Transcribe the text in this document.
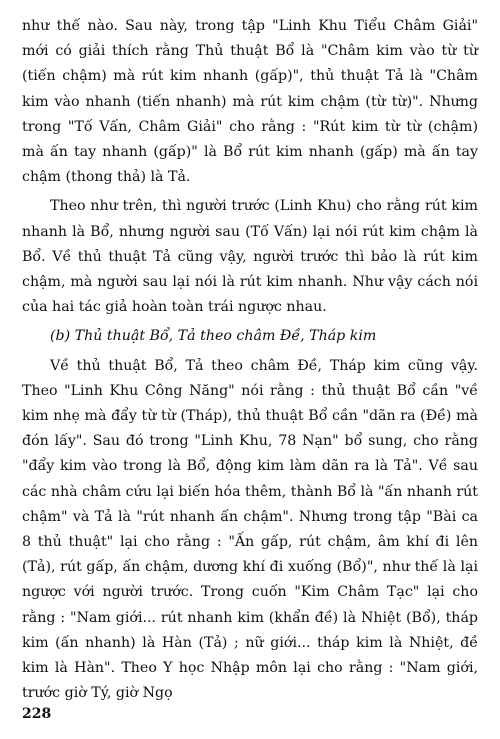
như thế nào. Sau này, trong tập "Linh Khu Tiểu Châm Giải" mới có giải thích rằng Thủ thuật Bổ là "Châm kim vào từ từ (tiến chậm) mà rút kim nhanh (gấp)", thủ thuật Tả là "Châm kim vào nhanh (tiến nhanh) mà rút kim chậm (từ từ)". Nhưng trong "Tố Vấn, Châm Giải" cho rằng : "Rút kim từ từ (chậm) mà ấn tay nhanh (gấp)" là Bổ rút kim nhanh (gấp) mà ấn tay chậm (thong thả) là Tả.

Theo như trên, thì người trước (Linh Khu) cho rằng rút kim nhanh là Bổ, nhưng người sau (Tố Vấn) lại nói rút kim chậm là Bổ. Về thủ thuật Tả cũng vậy, người trước thì bảo là rút kim chậm, mà người sau lại nói là rút kim nhanh. Như vậy cách nói của hai tác giả hoàn toàn trái ngược nhau.

(b) Thủ thuật Bổ, Tả theo châm Đề, Tháp kim

Về thủ thuật Bổ, Tả theo châm Đề, Tháp kim cũng vậy. Theo "Linh Khu Công Năng" nói rằng : thủ thuật Bổ cần "về kim nhẹ mà đẩy từ từ (Tháp), thủ thuật Bổ cần "dãn ra (Đề) mà đón lấy". Sau đó trong "Linh Khu, 78 Nạn" bổ sung, cho rằng "đẩy kim vào trong là Bổ, động kim làm dãn ra là Tả". Về sau các nhà châm cứu lại biến hóa thêm, thành Bổ là "ấn nhanh rút chậm" và Tả là "rút nhanh ấn chậm". Nhưng trong tập "Bài ca 8 thủ thuật" lại cho rằng : "Ấn gấp, rút chậm, âm khí đi lên (Tả), rút gấp, ấn chậm, dương khí đi xuống (Bổ)", như thế là lại ngược với người trước. Trong cuốn "Kim Châm Tạc" lại cho rằng : "Nam giới... rút nhanh kim (khẩn đề) là Nhiệt (Bổ), tháp kim (ấn nhanh) là Hàn (Tả) ; nữ giới... tháp kim là Nhiệt, đề kim là Hàn". Theo Y học Nhập môn lại cho rằng : "Nam giới, trước giờ Tý, giờ Ngọ

228
